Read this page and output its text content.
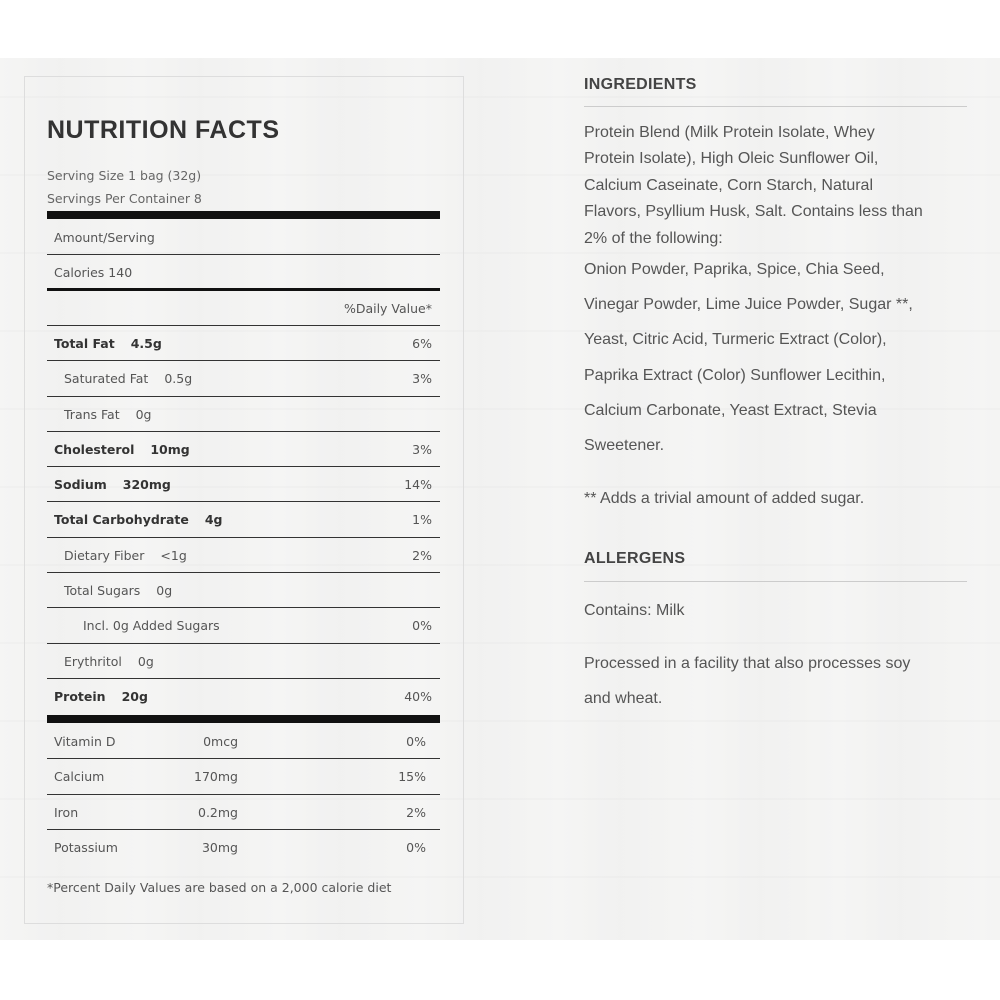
NUTRITION FACTS
Serving Size 1 bag (32g)
Servings Per Container 8
Amount/Serving
Calories 140
%Daily Value*
Total Fat 4.5g	6%
Saturated Fat 0.5g	3%
Trans Fat 0g
Cholesterol 10mg	3%
Sodium 320mg	14%
Total Carbohydrate 4g	1%
Dietary Fiber <1g	2%
Total Sugars 0g
Incl. 0g Added Sugars	0%
Erythritol 0g
Protein 20g	40%
Vitamin D	0mcg	0%
Calcium	170mg	15%
Iron	0.2mg	2%
Potassium	30mg	0%
*Percent Daily Values are based on a 2,000 calorie diet
INGREDIENTS
Protein Blend (Milk Protein Isolate, Whey
Protein Isolate), High Oleic Sunflower Oil,
Calcium Caseinate, Corn Starch, Natural
Flavors, Psyllium Husk, Salt. Contains less than
2% of the following:
Onion Powder, Paprika, Spice, Chia Seed,
Vinegar Powder, Lime Juice Powder, Sugar **,
Yeast, Citric Acid, Turmeric Extract (Color),
Paprika Extract (Color) Sunflower Lecithin,
Calcium Carbonate, Yeast Extract, Stevia
Sweetener.
** Adds a trivial amount of added sugar.
ALLERGENS
Contains: Milk
Processed in a facility that also processes soy
and wheat.
